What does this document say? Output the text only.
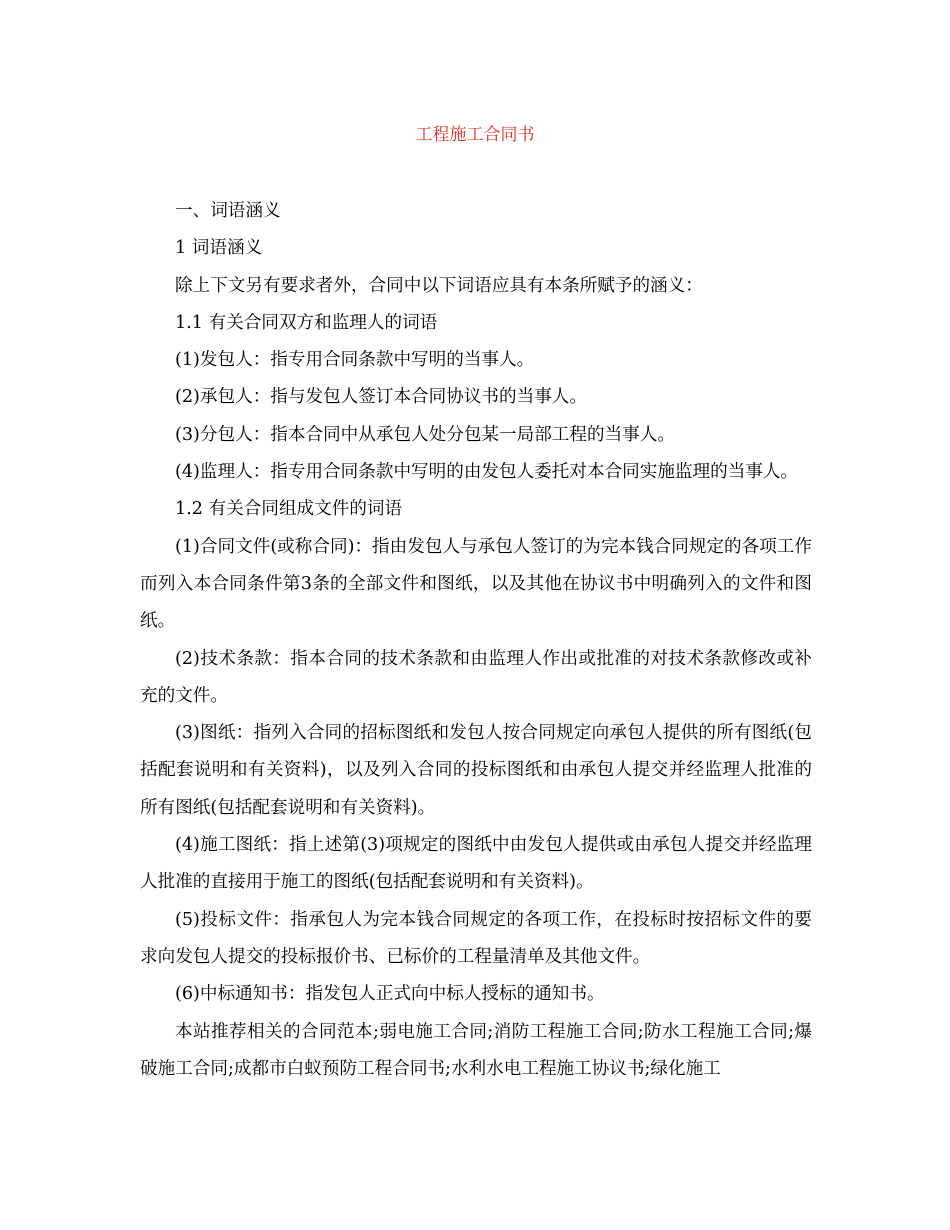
工程施工合同书

一、词语涵义

1 词语涵义

除上下文另有要求者外，合同中以下词语应具有本条所赋予的涵义：

1.1 有关合同双方和监理人的词语

(1)发包人：指专用合同条款中写明的当事人。

(2)承包人：指与发包人签订本合同协议书的当事人。

(3)分包人：指本合同中从承包人处分包某一局部工程的当事人。

(4)监理人：指专用合同条款中写明的由发包人委托对本合同实施监理的当事人。

1.2 有关合同组成文件的词语

(1)合同文件(或称合同)：指由发包人与承包人签订的为完本钱合同规定的各项工作而列入本合同条件第3条的全部文件和图纸，以及其他在协议书中明确列入的文件和图纸。

(2)技术条款：指本合同的技术条款和由监理人作出或批准的对技术条款修改或补充的文件。

(3)图纸：指列入合同的招标图纸和发包人按合同规定向承包人提供的所有图纸(包括配套说明和有关资料)，以及列入合同的投标图纸和由承包人提交并经监理人批准的所有图纸(包括配套说明和有关资料)。

(4)施工图纸：指上述第(3)项规定的图纸中由发包人提供或由承包人提交并经监理人批准的直接用于施工的图纸(包括配套说明和有关资料)。

(5)投标文件：指承包人为完本钱合同规定的各项工作，在投标时按招标文件的要求向发包人提交的投标报价书、已标价的工程量清单及其他文件。

(6)中标通知书：指发包人正式向中标人授标的通知书。

本站推荐相关的合同范本;弱电施工合同;消防工程施工合同;防水工程施工合同;爆破施工合同;成都市白蚁预防工程合同书;水利水电工程施工协议书;绿化施工
